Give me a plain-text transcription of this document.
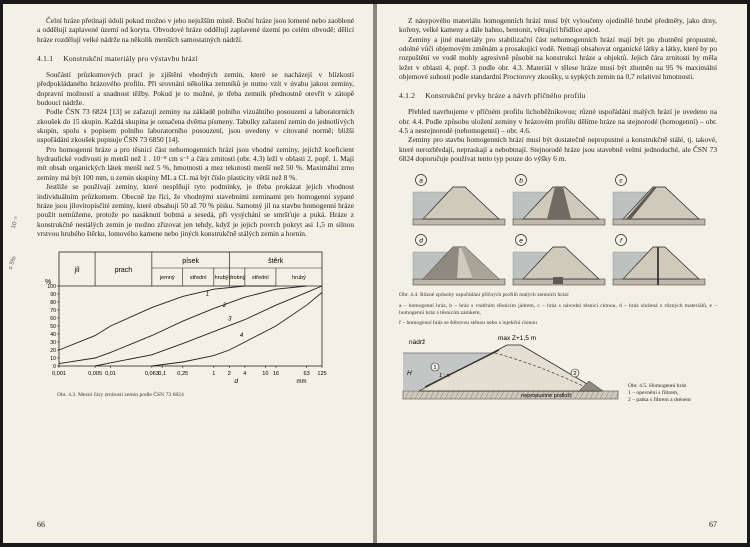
Čelní hráze přetínají údolí pokud možno v jeho nejužším místě. Boční hráze jsou lomené nebo zaoblené a oddělují zaplavené území od koryta. Obvodové hráze oddělují zaplavené území po celém obvodě; dělicí hráze rozdělují velké nádrže na několik menších samostatných nádrží.

4.1.1 Konstrukční materiály pro výstavbu hrází

Součástí průzkumových prací je zjištění vhodných zemin, které se nacházejí v blízkosti předpokládaného hrázového profilu. Při srovnání několika zemníků je nutno vzít v úvahu jakost zeminy, dopravní možnosti a snadnost těžby. Pokud je to možné, je třeba zemník přednostně otevřít v zátopě budoucí nádrže.

Podle ČSN 73 6824 [13] se zařazují zeminy na základě polního vizuálního posouzení a laboratorních zkoušek do 15 skupin. Každá skupina je označena dvěma písmeny. Tabulky zařazení zemin do jednotlivých skupin, spolu s popisem polního laboratorního posouzení, jsou uvedeny v citované normě; bližší uspořádání zkoušek popisuje ČSN 73 6850 [14].

Pro homogenní hráze a pro těsnicí část nehomogenních hrází jsou vhodné zeminy, jejichž koeficient hydraulické vodivosti je menší než 1 . 10⁻⁸ cm s⁻¹ a čára zrnitosti (obr. 4.3) leží v oblasti 2, popř. 1. Mají mít obsah organických látek menší než 5 %, hmotnosti a mez tekutosti menší než 50 %. Maximální zrno zeminy má být 100 mm, u zemin skupiny ML a CL má být číslo plasticity větší než 8 %.

Jestliže se používají zeminy, které nesplňují tyto podmínky, je třeba prokázat jejich vhodnost individuálním průzkumem. Obecně lze říci, že vhodnými stavebními zeminami pro homogenní sypané hráze jsou jílovitopísčité zeminy, které obsahují 50 až 70 % písku. Samotný jíl na stavbu homogenní hráze použít nemůžeme, protože po nasáknutí bobtná a sesedá, při vysýchání se smršťuje a puká. Hráze z konstrukčně nestálých zemin je možno zřizovat jen tehdy, když je jejich povrch pokryt asi 1,5 m silnou vrstvou hrubého štěrku, lomového kamene nebo jiných konstrukčně stálých zemin a hornin.

10⁻⁸
≤ 5%
jíl	prach
písek	štěrk
jemný	střední hrubý drobný střední	hrubý
0
10
20
30
40
50
60
70
80
90
100
%
0,001	0,005 0,01	0,063 0,1 0,25	1 2 4	10 16	63 125
d	mm
1
2
3
4

Obr. 4.3. Mezní čáry zrnitosti zemin podle ČSN 73 6824

66

Z násypového materiálu homogenních hrází musí být vyloučeny ojedinělé hrubé předměty, jako drny, kořeny, velké kameny a dále bahno, bentonit, větrající břidlice apod.

Zeminy a jiné materiály pro stabilizační část nehomogenních hrází mají být po zhutnění propustné, odolné vůči objemovým změnám a prosakující vodě. Nemají obsahovat organické látky a látky, které by po rozpuštění ve vodě mohly agresivně působit na konstrukci hráze a objektů. Jejich čára zrnitosti by měla ležet v oblasti 4, popř. 3 podle obr. 4.3. Materiál v tělese hráze musí být zhutněn na 95 % maximální objemové suhosti podle standardní Proctorovy zkoušky, u sypkých zemin na 0,7 relativní hmotnosti.

4.1.2 Konstrukční prvky hráze a návrh příčného profilu

Přehled navrhujeme v příčném profilu lichoběžníkovou; různé uspořádání malých hrází je uvedeno na obr. 4.4. Podle způsobu uložení zeminy v hrázovém profilu dělíme hráze na stejnorodé (homogenní) – obr. 4.5 a nestejnorodé (nehomogenní) – obr. 4.6.

Zeminy pro stavbu homogenních hrází musí být dostatečně nepropustné a konstrukčně stálé, tj. takové, které nerozbředají, nepraskají a nebobtnají. Stejnorodé hráze jsou stavebně velmi jednoduché, ale ČSN 73 6824 doporučuje používat tento typ pouze do výšky 6 m.

a	b	c
d	e	f

Obr. 4.4. Různé způsoby uspořádání příčných profilů malých zemních hrází

a – homogenní hráz, b – hráz s vnitřním těsnicím jádrem, c – hráz s návodní těsnicí clonou, d – hráz složená z různých materiálů, e – homogenní hráz s těsnicím zámkem,

f – homogenní hráz se štětovou stěnou nebo s injekční clonou

max Z+1,5 m
nádrž
H	1 : n
nepropustné podloží
1
2
Obr. 4.5. Homogenní hráz
1 – opevnění s filtrem,
2 – patka s filtrem a drénem
67
